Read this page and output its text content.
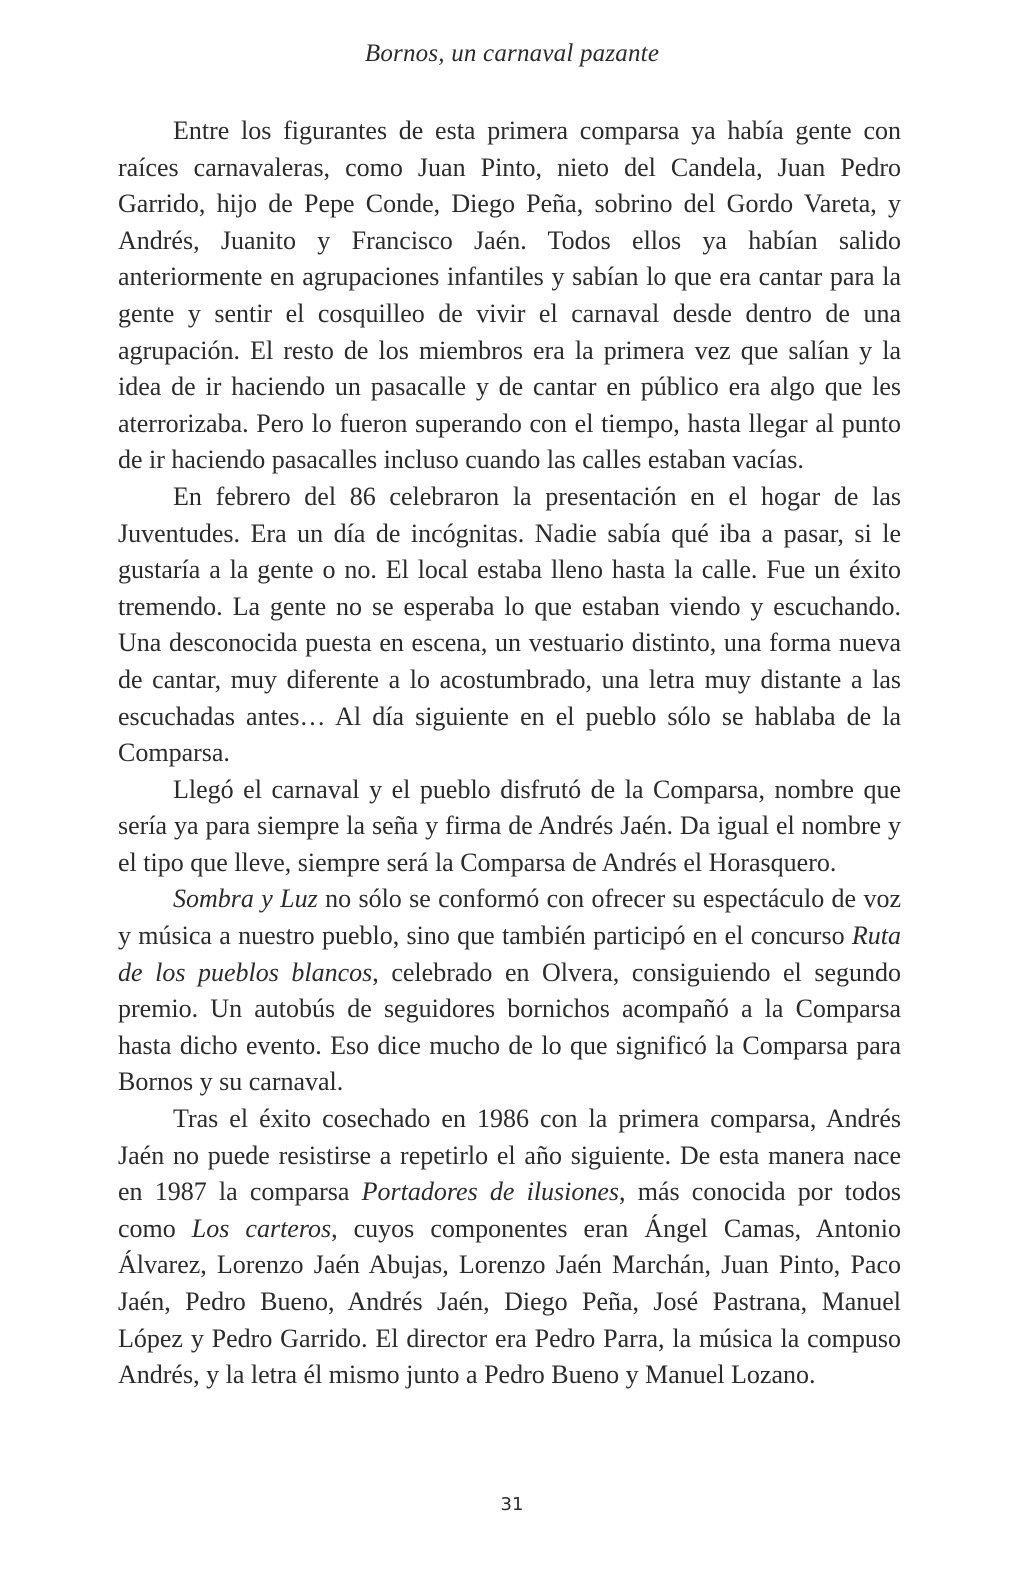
Bornos, un carnaval pazante

Entre los figurantes de esta primera comparsa ya había gente con raíces carnavaleras, como Juan Pinto, nieto del Candela, Juan Pedro Garrido, hijo de Pepe Conde, Diego Peña, sobrino del Gordo Vareta, y Andrés, Juanito y Francisco Jaén. Todos ellos ya habían salido anteriormente en agrupaciones infantiles y sabían lo que era cantar para la gente y sentir el cosquilleo de vivir el carnaval desde dentro de una agrupación. El resto de los miembros era la primera vez que salían y la idea de ir haciendo un pasacalle y de cantar en público era algo que les aterrorizaba. Pero lo fueron superando con el tiempo, hasta llegar al punto de ir haciendo pasacalles incluso cuando las calles estaban vacías.

En febrero del 86 celebraron la presentación en el hogar de las Juventudes. Era un día de incógnitas. Nadie sabía qué iba a pasar, si le gustaría a la gente o no. El local estaba lleno hasta la calle. Fue un éxito tremendo. La gente no se esperaba lo que estaban viendo y escuchando. Una desconocida puesta en escena, un vestuario distinto, una forma nueva de cantar, muy diferente a lo acostumbrado, una letra muy distante a las escuchadas antes… Al día siguiente en el pueblo sólo se hablaba de la Comparsa.

Llegó el carnaval y el pueblo disfrutó de la Comparsa, nombre que sería ya para siempre la seña y firma de Andrés Jaén. Da igual el nombre y el tipo que lleve, siempre será la Comparsa de Andrés el Horasquero.

Sombra y Luz no sólo se conformó con ofrecer su espectáculo de voz y música a nuestro pueblo, sino que también participó en el concurso Ruta de los pueblos blancos, celebrado en Olvera, consiguiendo el segundo premio. Un autobús de seguidores bornichos acompañó a la Comparsa hasta dicho evento. Eso dice mucho de lo que significó la Comparsa para Bornos y su carnaval.

Tras el éxito cosechado en 1986 con la primera comparsa, Andrés Jaén no puede resistirse a repetirlo el año siguiente. De esta manera nace en 1987 la comparsa Portadores de ilusiones, más conocida por todos como Los carteros, cuyos componentes eran Ángel Camas, Antonio Álvarez, Lorenzo Jaén Abujas, Lorenzo Jaén Marchán, Juan Pinto, Paco Jaén, Pedro Bueno, Andrés Jaén, Diego Peña, José Pastrana, Manuel López y Pedro Garrido. El director era Pedro Parra, la música la compuso Andrés, y la letra él mismo junto a Pedro Bueno y Manuel Lozano.

31
